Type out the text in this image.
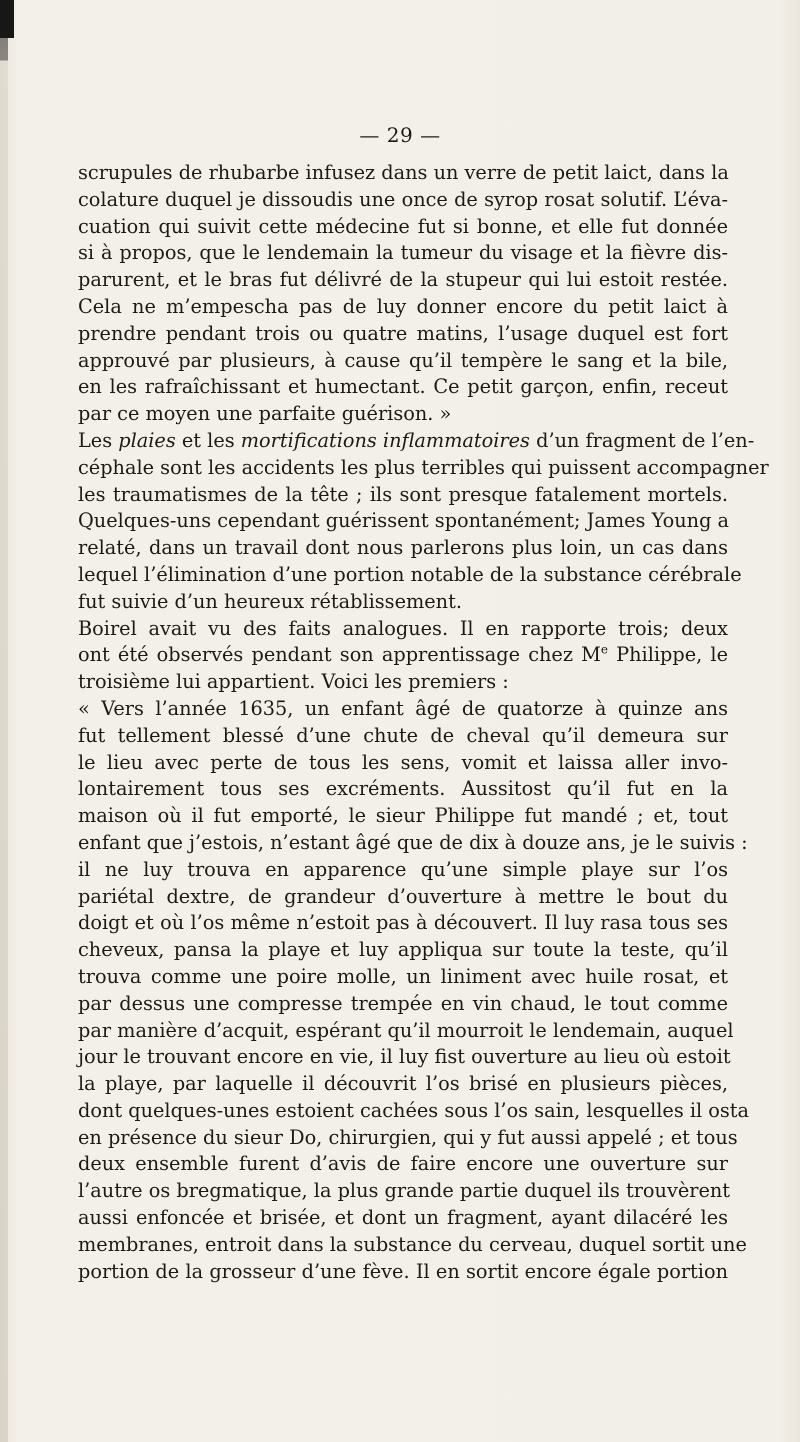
— 29 —
scrupules de rhubarbe infusez dans un verre de petit laict, dans la
colature duquel je dissoudis une once de syrop rosat solutif. L’éva-
cuation qui suivit cette médecine fut si bonne, et elle fut donnée
si à propos, que le lendemain la tumeur du visage et la fièvre dis-
parurent, et le bras fut délivré de la stupeur qui lui estoit restée.
Cela ne m’empescha pas de luy donner encore du petit laict à
prendre pendant trois ou quatre matins, l’usage duquel est fort
approuvé par plusieurs, à cause qu’il tempère le sang et la bile,
en les rafraîchissant et humectant. Ce petit garçon, enfin, receut
par ce moyen une parfaite guérison. »
Les plaies et les mortifications inflammatoires d’un fragment de l’en-
céphale sont les accidents les plus terribles qui puissent accompagner
les traumatismes de la tête ; ils sont presque fatalement mortels.
Quelques-uns cependant guérissent spontanément; James Young a
relaté, dans un travail dont nous parlerons plus loin, un cas dans
lequel l’élimination d’une portion notable de la substance cérébrale
fut suivie d’un heureux rétablissement.
Boirel avait vu des faits analogues. Il en rapporte trois; deux
ont été observés pendant son apprentissage chez Me Philippe, le
troisième lui appartient. Voici les premiers :
« Vers l’année 1635, un enfant âgé de quatorze à quinze ans
fut tellement blessé d’une chute de cheval qu’il demeura sur
le lieu avec perte de tous les sens, vomit et laissa aller invo-
lontairement tous ses excréments. Aussitost qu’il fut en la
maison où il fut emporté, le sieur Philippe fut mandé ; et, tout
enfant que j’estois, n’estant âgé que de dix à douze ans, je le suivis :
il ne luy trouva en apparence qu’une simple playe sur l’os
pariétal dextre, de grandeur d’ouverture à mettre le bout du
doigt et où l’os même n’estoit pas à découvert. Il luy rasa tous ses
cheveux, pansa la playe et luy appliqua sur toute la teste, qu’il
trouva comme une poire molle, un liniment avec huile rosat, et
par dessus une compresse trempée en vin chaud, le tout comme
par manière d’acquit, espérant qu’il mourroit le lendemain, auquel
jour le trouvant encore en vie, il luy fist ouverture au lieu où estoit
la playe, par laquelle il découvrit l’os brisé en plusieurs pièces,
dont quelques-unes estoient cachées sous l’os sain, lesquelles il osta
en présence du sieur Do, chirurgien, qui y fut aussi appelé ; et tous
deux ensemble furent d’avis de faire encore une ouverture sur
l’autre os bregmatique, la plus grande partie duquel ils trouvèrent
aussi enfoncée et brisée, et dont un fragment, ayant dilacéré les
membranes, entroit dans la substance du cerveau, duquel sortit une
portion de la grosseur d’une fève. Il en sortit encore égale portion
